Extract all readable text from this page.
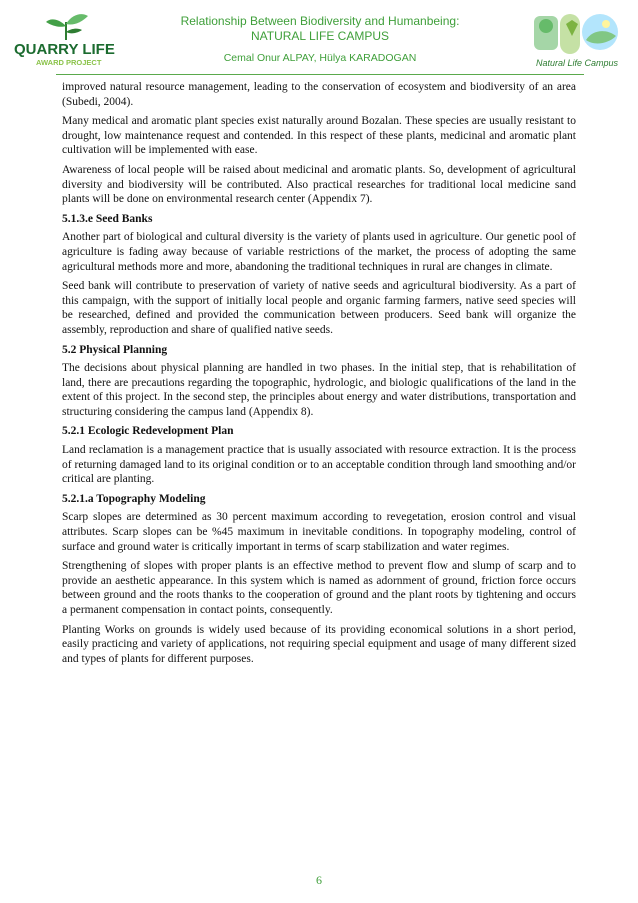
QUARRY LIFE
AWARD PROJECT
Relationship Between Biodiversity and Humanbeing:
NATURAL LIFE CAMPUS
Cemal Onur ALPAY, Hülya KARADOGAN	Natural Life Campus

improved natural resource management, leading to the conservation of ecosystem and biodiversity of an area (Subedi, 2004).

Many medical and aromatic plant species exist naturally around Bozalan. These species are usually resistant to drought, low maintenance request and contended. In this respect of these plants, medicinal and aromatic plant cultivation will be implemented with ease.

Awareness of local people will be raised about medicinal and aromatic plants. So, development of agricultural diversity and biodiversity will be contributed. Also practical researches for traditional local medicine sand plants will be done on environmental research center (Appendix 7).

5.1.3.e Seed Banks

Another part of biological and cultural diversity is the variety of plants used in agriculture. Our genetic pool of agriculture is fading away because of variable restrictions of the market, the process of adopting the same agricultural methods more and more, abandoning the traditional techniques in rural are changes in climate.

Seed bank will contribute to preservation of variety of native seeds and agricultural biodiversity. As a part of this campaign, with the support of initially local people and organic farming farmers, native seed species will be researched, defined and provided the communication between producers. Seed bank will organize the assembly, reproduction and share of qualified native seeds.

5.2 Physical Planning

The decisions about physical planning are handled in two phases. In the initial step, that is rehabilitation of land, there are precautions regarding the topographic, hydrologic, and biologic qualifications of the land in the extent of this project. In the second step, the principles about energy and water distributions, transportation and structuring considering the campus land (Appendix 8).

5.2.1 Ecologic Redevelopment Plan

Land reclamation is a management practice that is usually associated with resource extraction. It is the process of returning damaged land to its original condition or to an acceptable condition through land smoothing and/or critical are planting.

5.2.1.a Topography Modeling

Scarp slopes are determined as 30 percent maximum according to revegetation, erosion control and visual attributes. Scarp slopes can be %45 maximum in inevitable conditions. In topography modeling, control of surface and ground water is critically important in terms of scarp stabilization and water regimes.

Strengthening of slopes with proper plants is an effective method to prevent flow and slump of scarp and to provide an aesthetic appearance. In this system which is named as adornment of ground, friction force occurs between ground and the roots thanks to the cooperation of ground and the plant roots by tightening and occurs a permanent compensation in contact points, consequently.

Planting Works on grounds is widely used because of its providing economical solutions in a short period, easily practicing and variety of applications, not requiring special equipment and usage of many different sized and types of plants for different purposes.

6
